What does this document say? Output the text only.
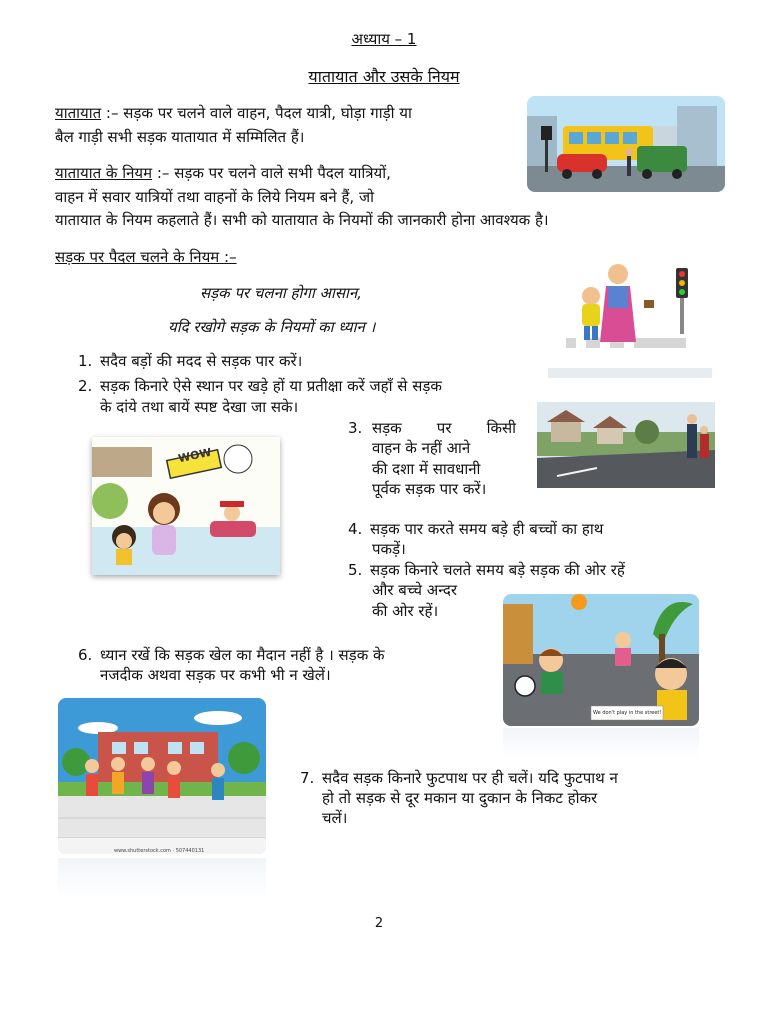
अध्याय – 1
यातायात और उसके नियम
यातायात :– सड़क पर चलने वाले वाहन, पैदल यात्री, घोड़ा गाड़ी या
बैल गाड़ी सभी सड़क यातायात में सम्मिलित हैं।
यातायात के नियम :– सड़क पर चलने वाले सभी पैदल यात्रियों,
वाहन में सवार यात्रियों तथा वाहनों के लिये नियम बने हैं, जो
यातायात के नियम कहलाते हैं। सभी को यातायात के नियमों की जानकारी होना आवश्यक है।
सड़क पर पैदल चलने के नियम :–
सड़क पर चलना होगा आसान,
यदि रखोगे सड़क के नियमों का ध्यान ।
1. सदैव बड़ों की मदद से सड़क पार करें।
2. सड़क किनारे ऐसे स्थान पर खड़े हों या प्रतीक्षा करें जहाँ से सड़क
के दांये तथा बायें स्पष्ट देखा जा सके।
3. सड़क पर किसी
वाहन के नहीं आने
की दशा में सावधानी
पूर्वक सड़क पार करें।
4. सड़क पार करते समय बड़े ही बच्चों का हाथ
पकड़ें।
5. सड़क किनारे चलते समय बड़े सड़क की ओर रहें
और बच्चे अन्दर
की ओर रहें।
6. ध्यान रखें कि सड़क खेल का मैदान नहीं है । सड़क के
नजदीक अथवा सड़क पर कभी भी न खेलें।
7. सदैव सड़क किनारे फुटपाथ पर ही चलें। यदि फुटपाथ न
हो तो सड़क से दूर मकान या दुकान के निकट होकर
चलें।
WOW
We don't play in the street!
www.shutterstock.com · 507440131
2
